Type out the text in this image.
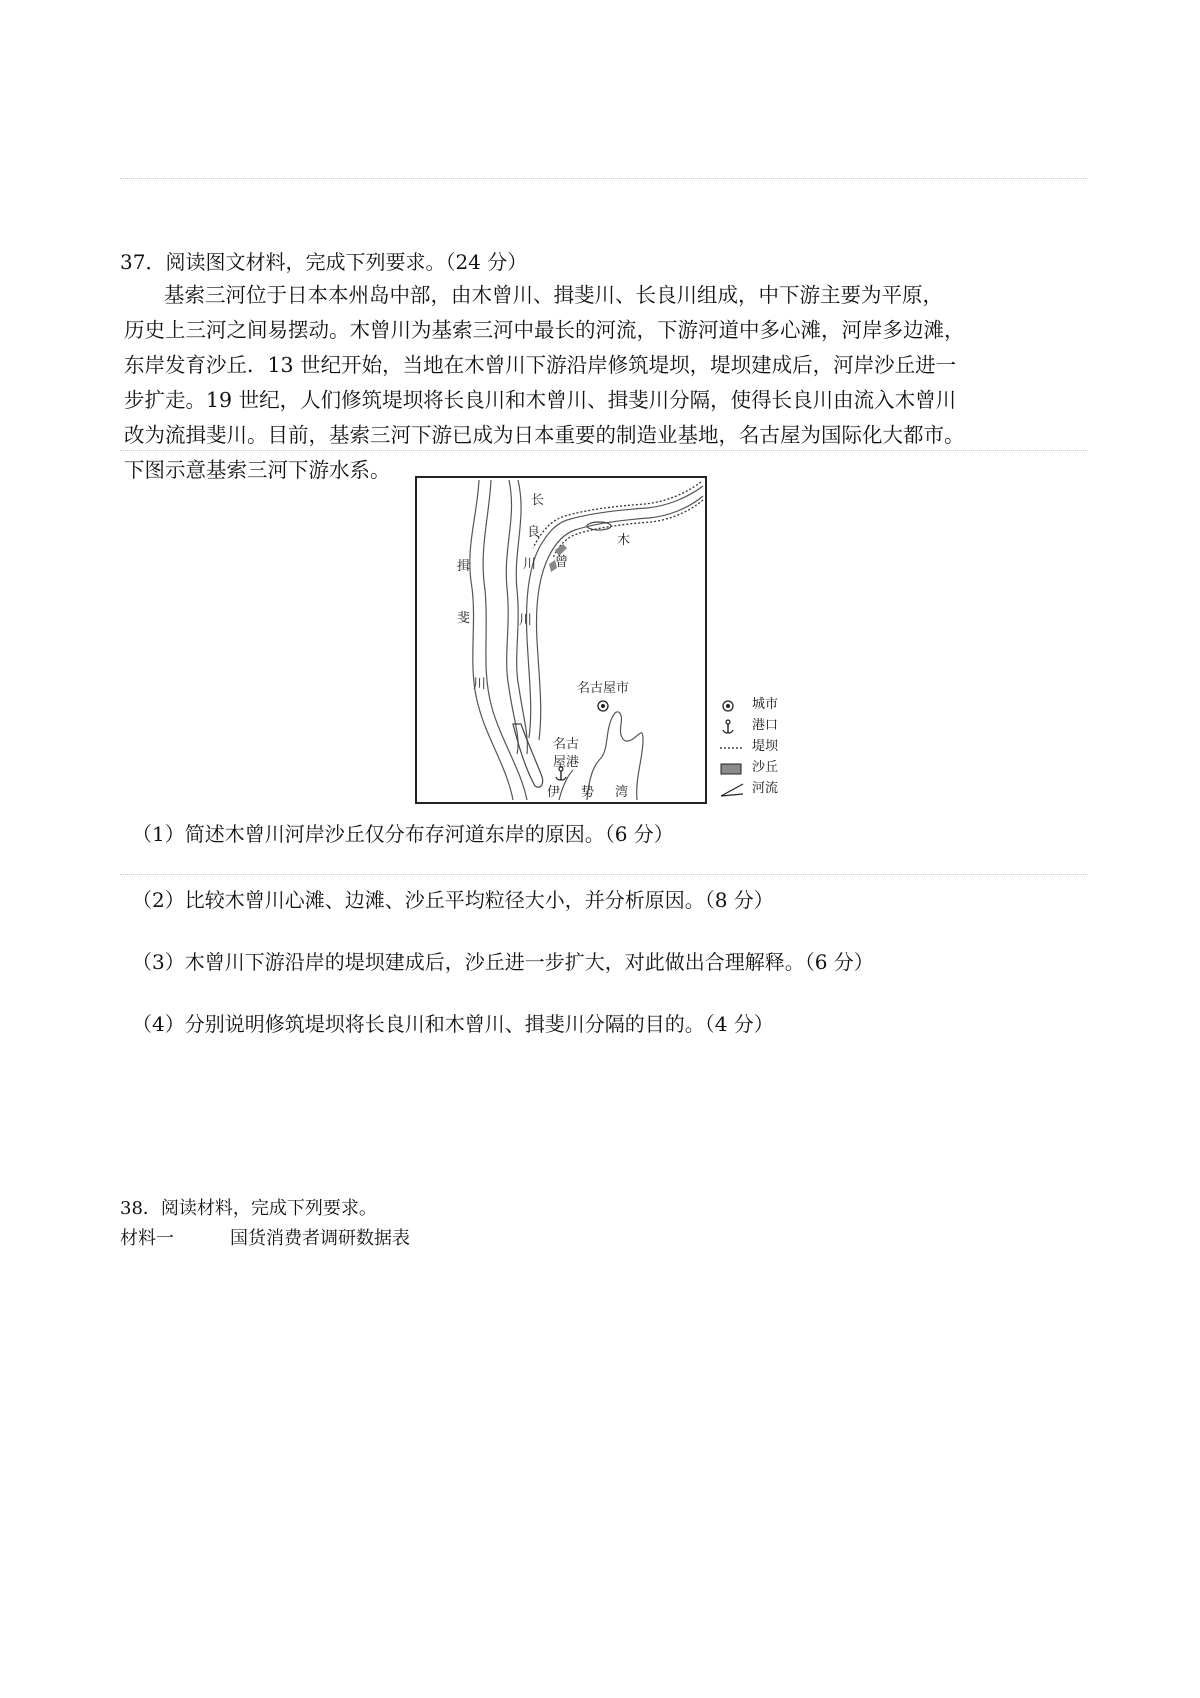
37．阅读图文材料，完成下列要求。（24 分）
基索三河位于日本本州岛中部，由木曾川、揖斐川、长良川组成，中下游主要为平原，
历史上三河之间易摆动。木曾川为基索三河中最长的河流，下游河道中多心滩，河岸多边滩，
东岸发育沙丘．13 世纪开始，当地在木曾川下游沿岸修筑堤坝，堤坝建成后，河岸沙丘进一
步扩走。19 世纪，人们修筑堤坝将长良川和木曾川、揖斐川分隔，使得长良川由流入木曾川
改为流揖斐川。目前，基索三河下游已成为日本重要的制造业基地，名古屋为国际化大都市。
下图示意基索三河下游水系。
长
良
川
川
木
曾
揖
斐
川	名古屋市
名古
屋港
伊 势 湾
城市
港口
堤坝
沙丘
河流
（1）简述木曾川河岸沙丘仅分布存河道东岸的原因。（6 分）
（2）比较木曾川心滩、边滩、沙丘平均粒径大小，并分析原因。（8 分）
（3）木曾川下游沿岸的堤坝建成后，沙丘进一步扩大，对此做出合理解释。（6 分）
（4）分别说明修筑堤坝将长良川和木曾川、揖斐川分隔的目的。（4 分）
38．阅读材料，完成下列要求。
材料一	国货消费者调研数据表
